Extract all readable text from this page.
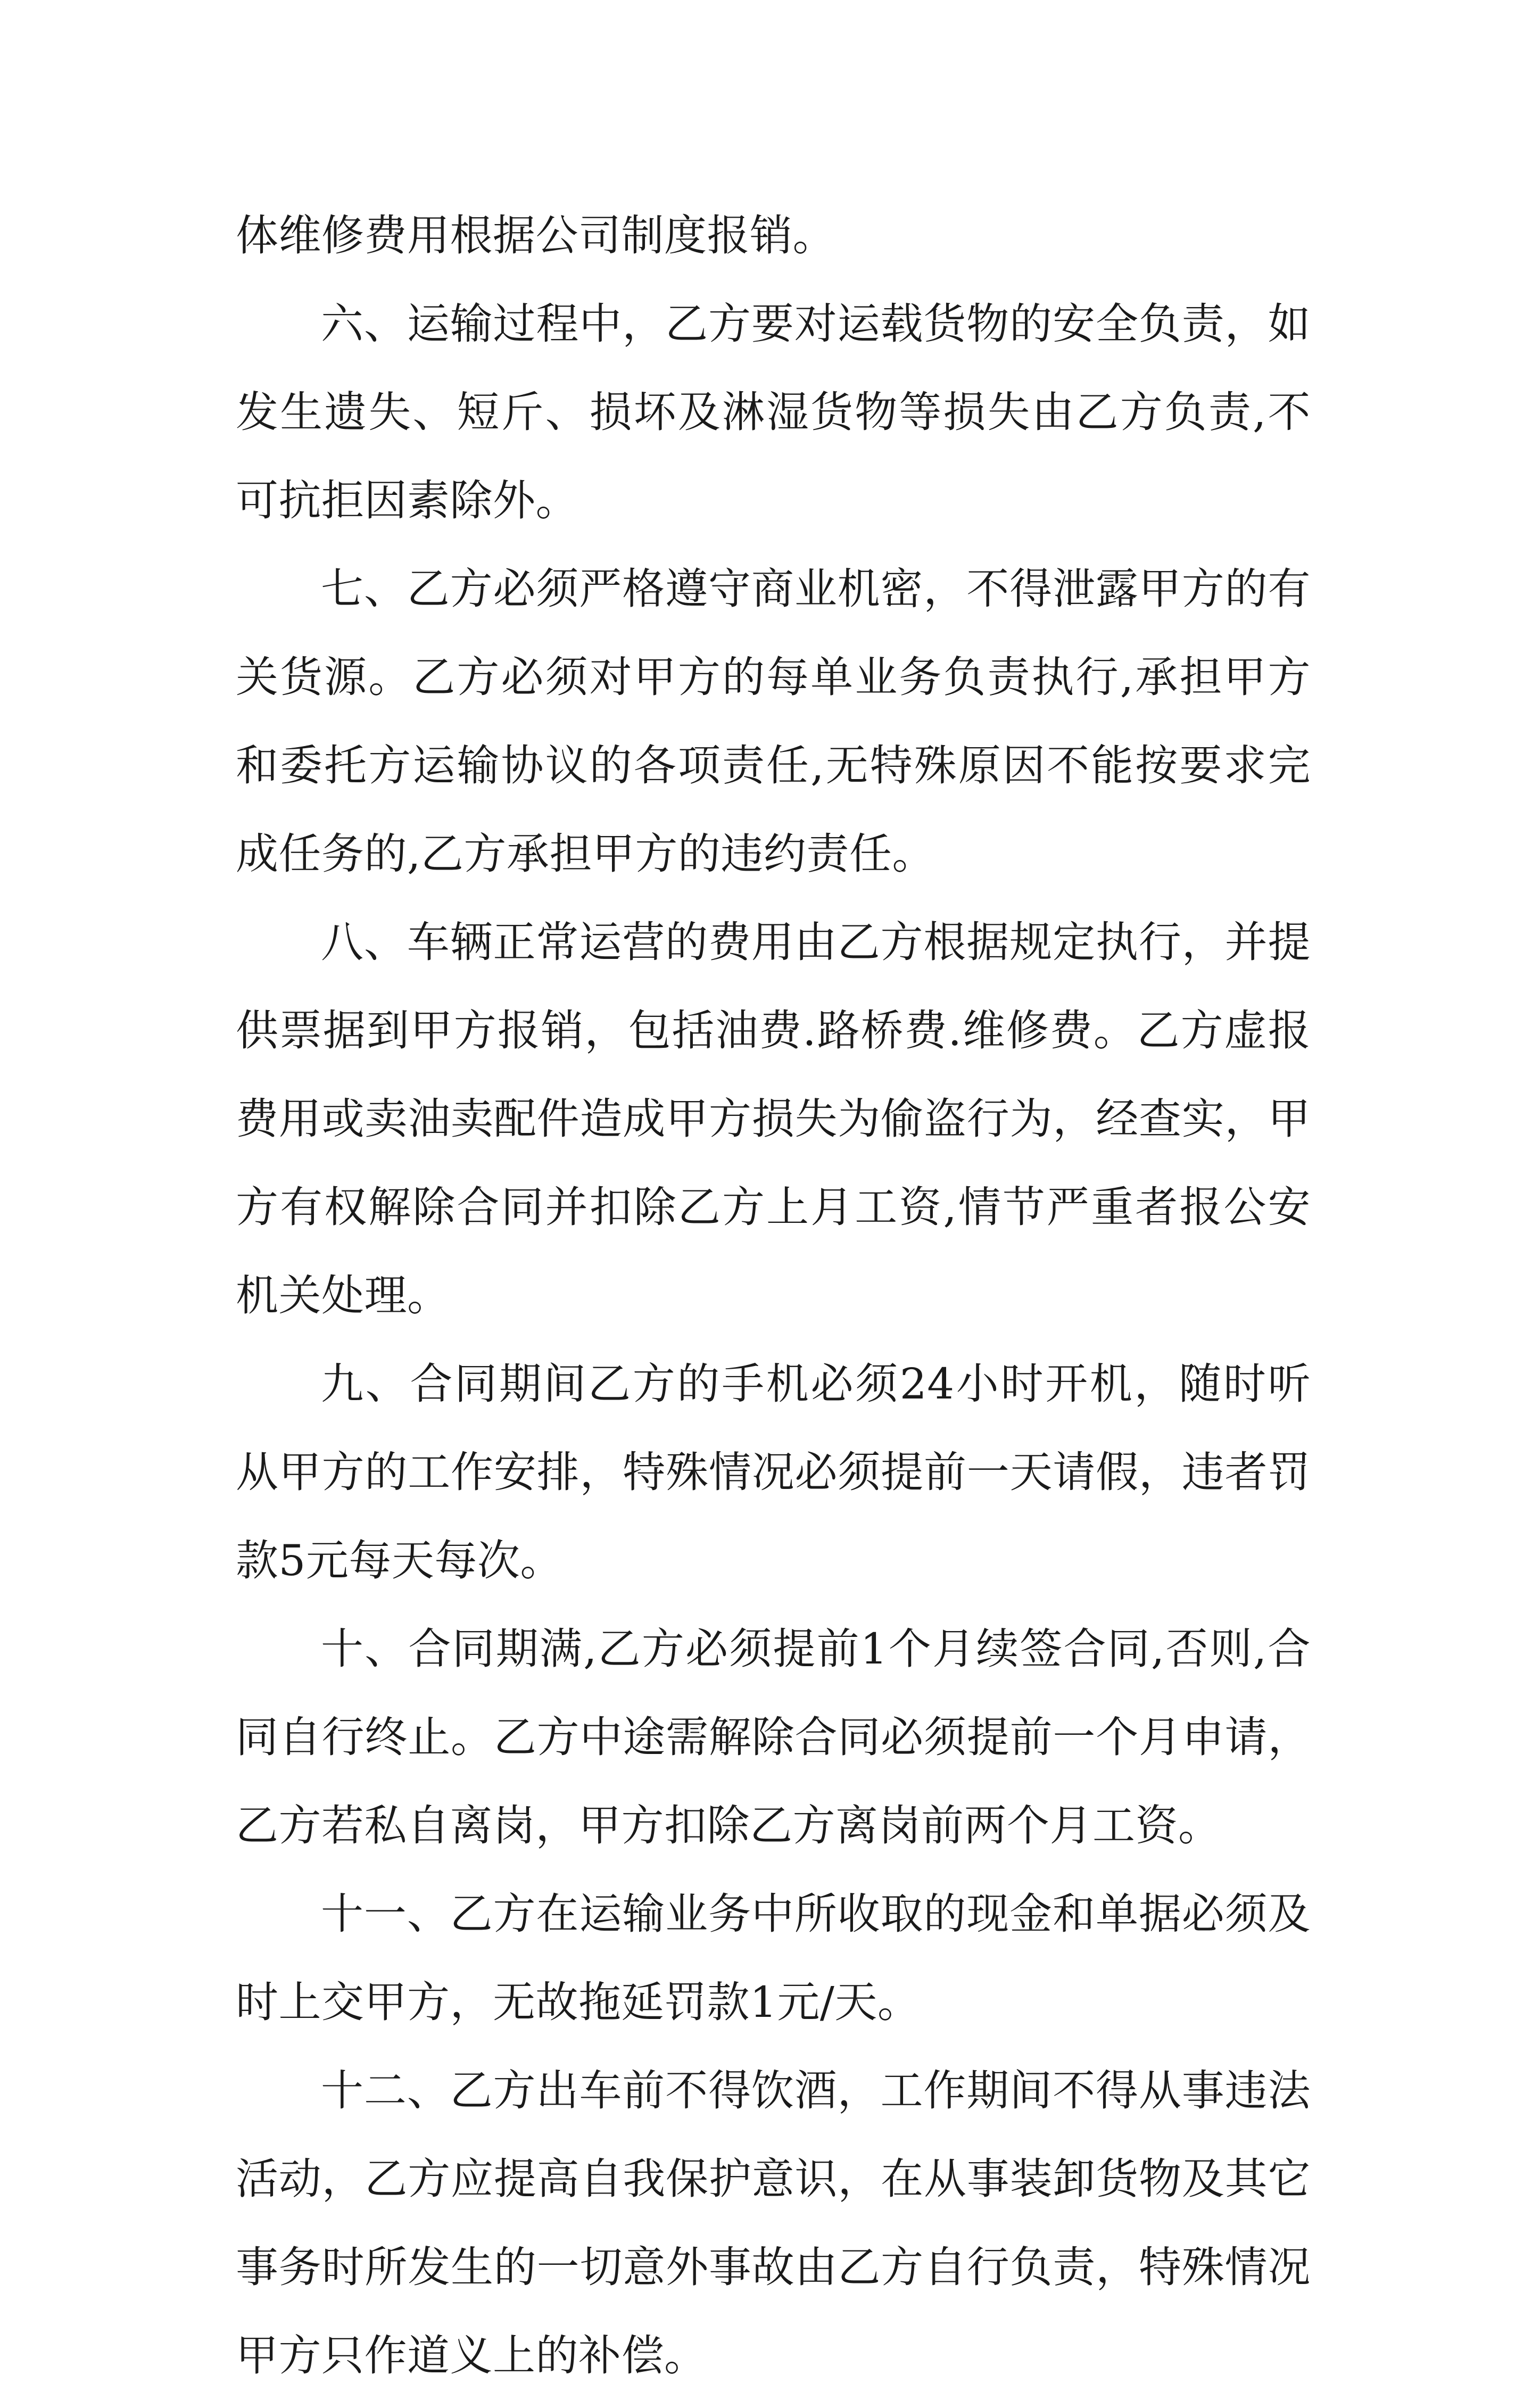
体维修费用根据公司制度报销。

六、运输过程中，乙方要对运载货物的安全负责，如发生遗失、短斤、损坏及淋湿货物等损失由乙方负责,不可抗拒因素除外。

七、乙方必须严格遵守商业机密，不得泄露甲方的有关货源。乙方必须对甲方的每单业务负责执行,承担甲方和委托方运输协议的各项责任,无特殊原因不能按要求完成任务的,乙方承担甲方的违约责任。

八、车辆正常运营的费用由乙方根据规定执行，并提供票据到甲方报销，包括油费.路桥费.维修费。乙方虚报费用或卖油卖配件造成甲方损失为偷盗行为，经查实，甲方有权解除合同并扣除乙方上月工资,情节严重者报公安机关处理。

九、合同期间乙方的手机必须24小时开机，随时听从甲方的工作安排，特殊情况必须提前一天请假，违者罚款5元每天每次。

十、合同期满,乙方必须提前1个月续签合同,否则,合同自行终止。乙方中途需解除合同必须提前一个月申请，乙方若私自离岗，甲方扣除乙方离岗前两个月工资。

十一、乙方在运输业务中所收取的现金和单据必须及时上交甲方，无故拖延罚款1元/天。

十二、乙方出车前不得饮酒，工作期间不得从事违法活动，乙方应提高自我保护意识，在从事装卸货物及其它事务时所发生的一切意外事故由乙方自行负责，特殊情况甲方只作道义上的补偿。
